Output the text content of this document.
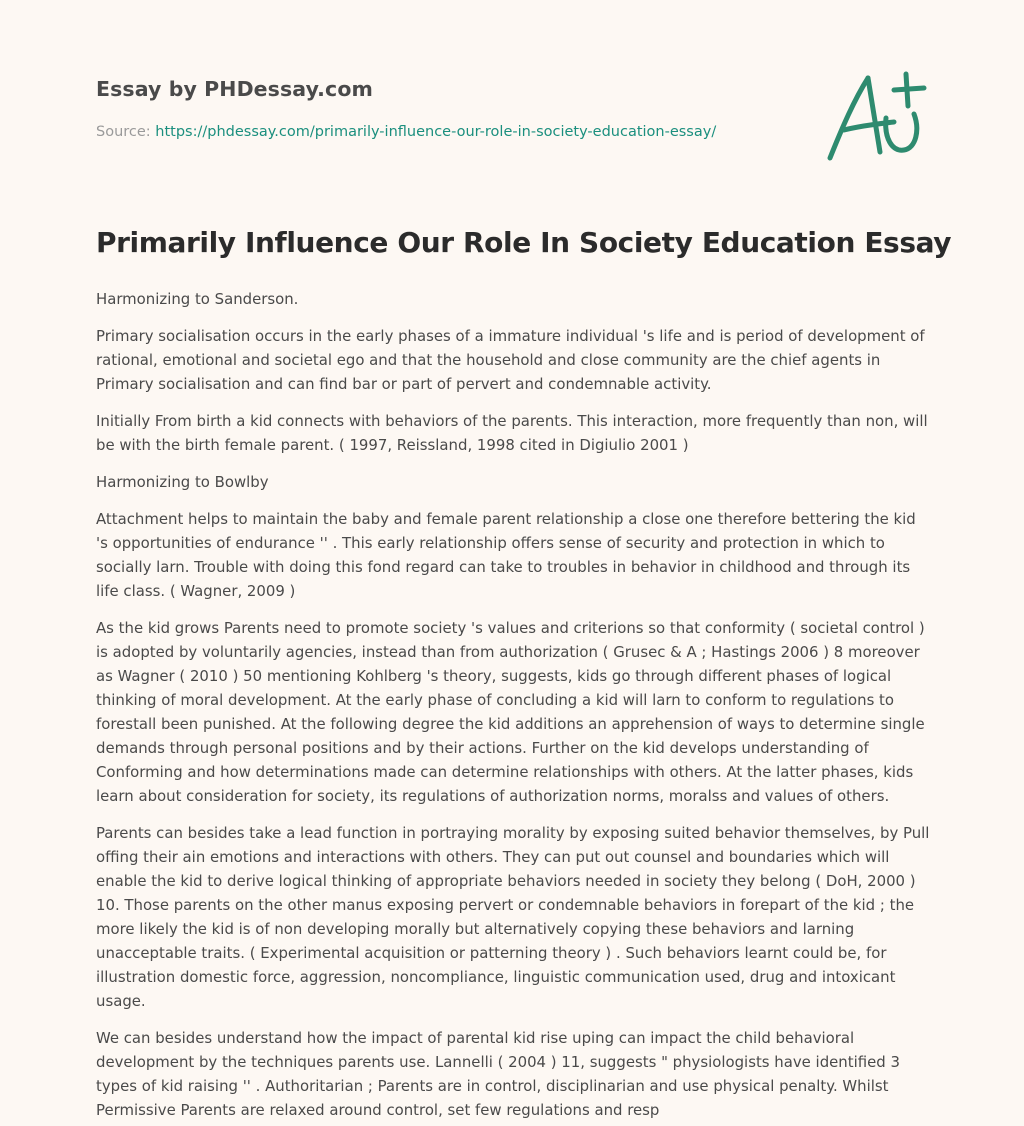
Essay by PHDessay.com
Source: https://phdessay.com/primarily-influence-our-role-in-society-education-essay/
Primarily Influence Our Role In Society Education Essay

Harmonizing to Sanderson.

Primary socialisation occurs in the early phases of a immature individual 's life and is period of development of rational, emotional and societal ego and that the household and close community are the chief agents in Primary socialisation and can find bar or part of pervert and condemnable activity.

Initially From birth a kid connects with behaviors of the parents. This interaction, more frequently than non, will be with the birth female parent. ( 1997, Reissland, 1998 cited in Digiulio 2001 )

Harmonizing to Bowlby

Attachment helps to maintain the baby and female parent relationship a close one therefore bettering the kid 's opportunities of endurance '' . This early relationship offers sense of security and protection in which to socially larn. Trouble with doing this fond regard can take to troubles in behavior in childhood and through its life class. ( Wagner, 2009 )

As the kid grows Parents need to promote society 's values and criterions so that conformity ( societal control ) is adopted by voluntarily agencies, instead than from authorization ( Grusec & A ; Hastings 2006 ) 8 moreover as Wagner ( 2010 ) 50 mentioning Kohlberg 's theory, suggests, kids go through different phases of logical thinking of moral development. At the early phase of concluding a kid will larn to conform to regulations to forestall been punished. At the following degree the kid additions an apprehension of ways to determine single demands through personal positions and by their actions. Further on the kid develops understanding of Conforming and how determinations made can determine relationships with others. At the latter phases, kids learn about consideration for society, its regulations of authorization norms, moralss and values of others.

Parents can besides take a lead function in portraying morality by exposing suited behavior themselves, by Pull offing their ain emotions and interactions with others. They can put out counsel and boundaries which will enable the kid to derive logical thinking of appropriate behaviors needed in society they belong ( DoH, 2000 ) 10. Those parents on the other manus exposing pervert or condemnable behaviors in forepart of the kid ; the more likely the kid is of non developing morally but alternatively copying these behaviors and larning unacceptable traits. ( Experimental acquisition or patterning theory ) . Such behaviors learnt could be, for illustration domestic force, aggression, noncompliance, linguistic communication used, drug and intoxicant usage.

We can besides understand how the impact of parental kid rise uping can impact the child behavioral development by the techniques parents use. Lannelli ( 2004 ) 11, suggests " physiologists have identified 3 types of kid raising '' . Authoritarian ; Parents are in control, disciplinarian and use physical penalty. Whilst Permissive Parents are relaxed around control, set few regulations and resp
